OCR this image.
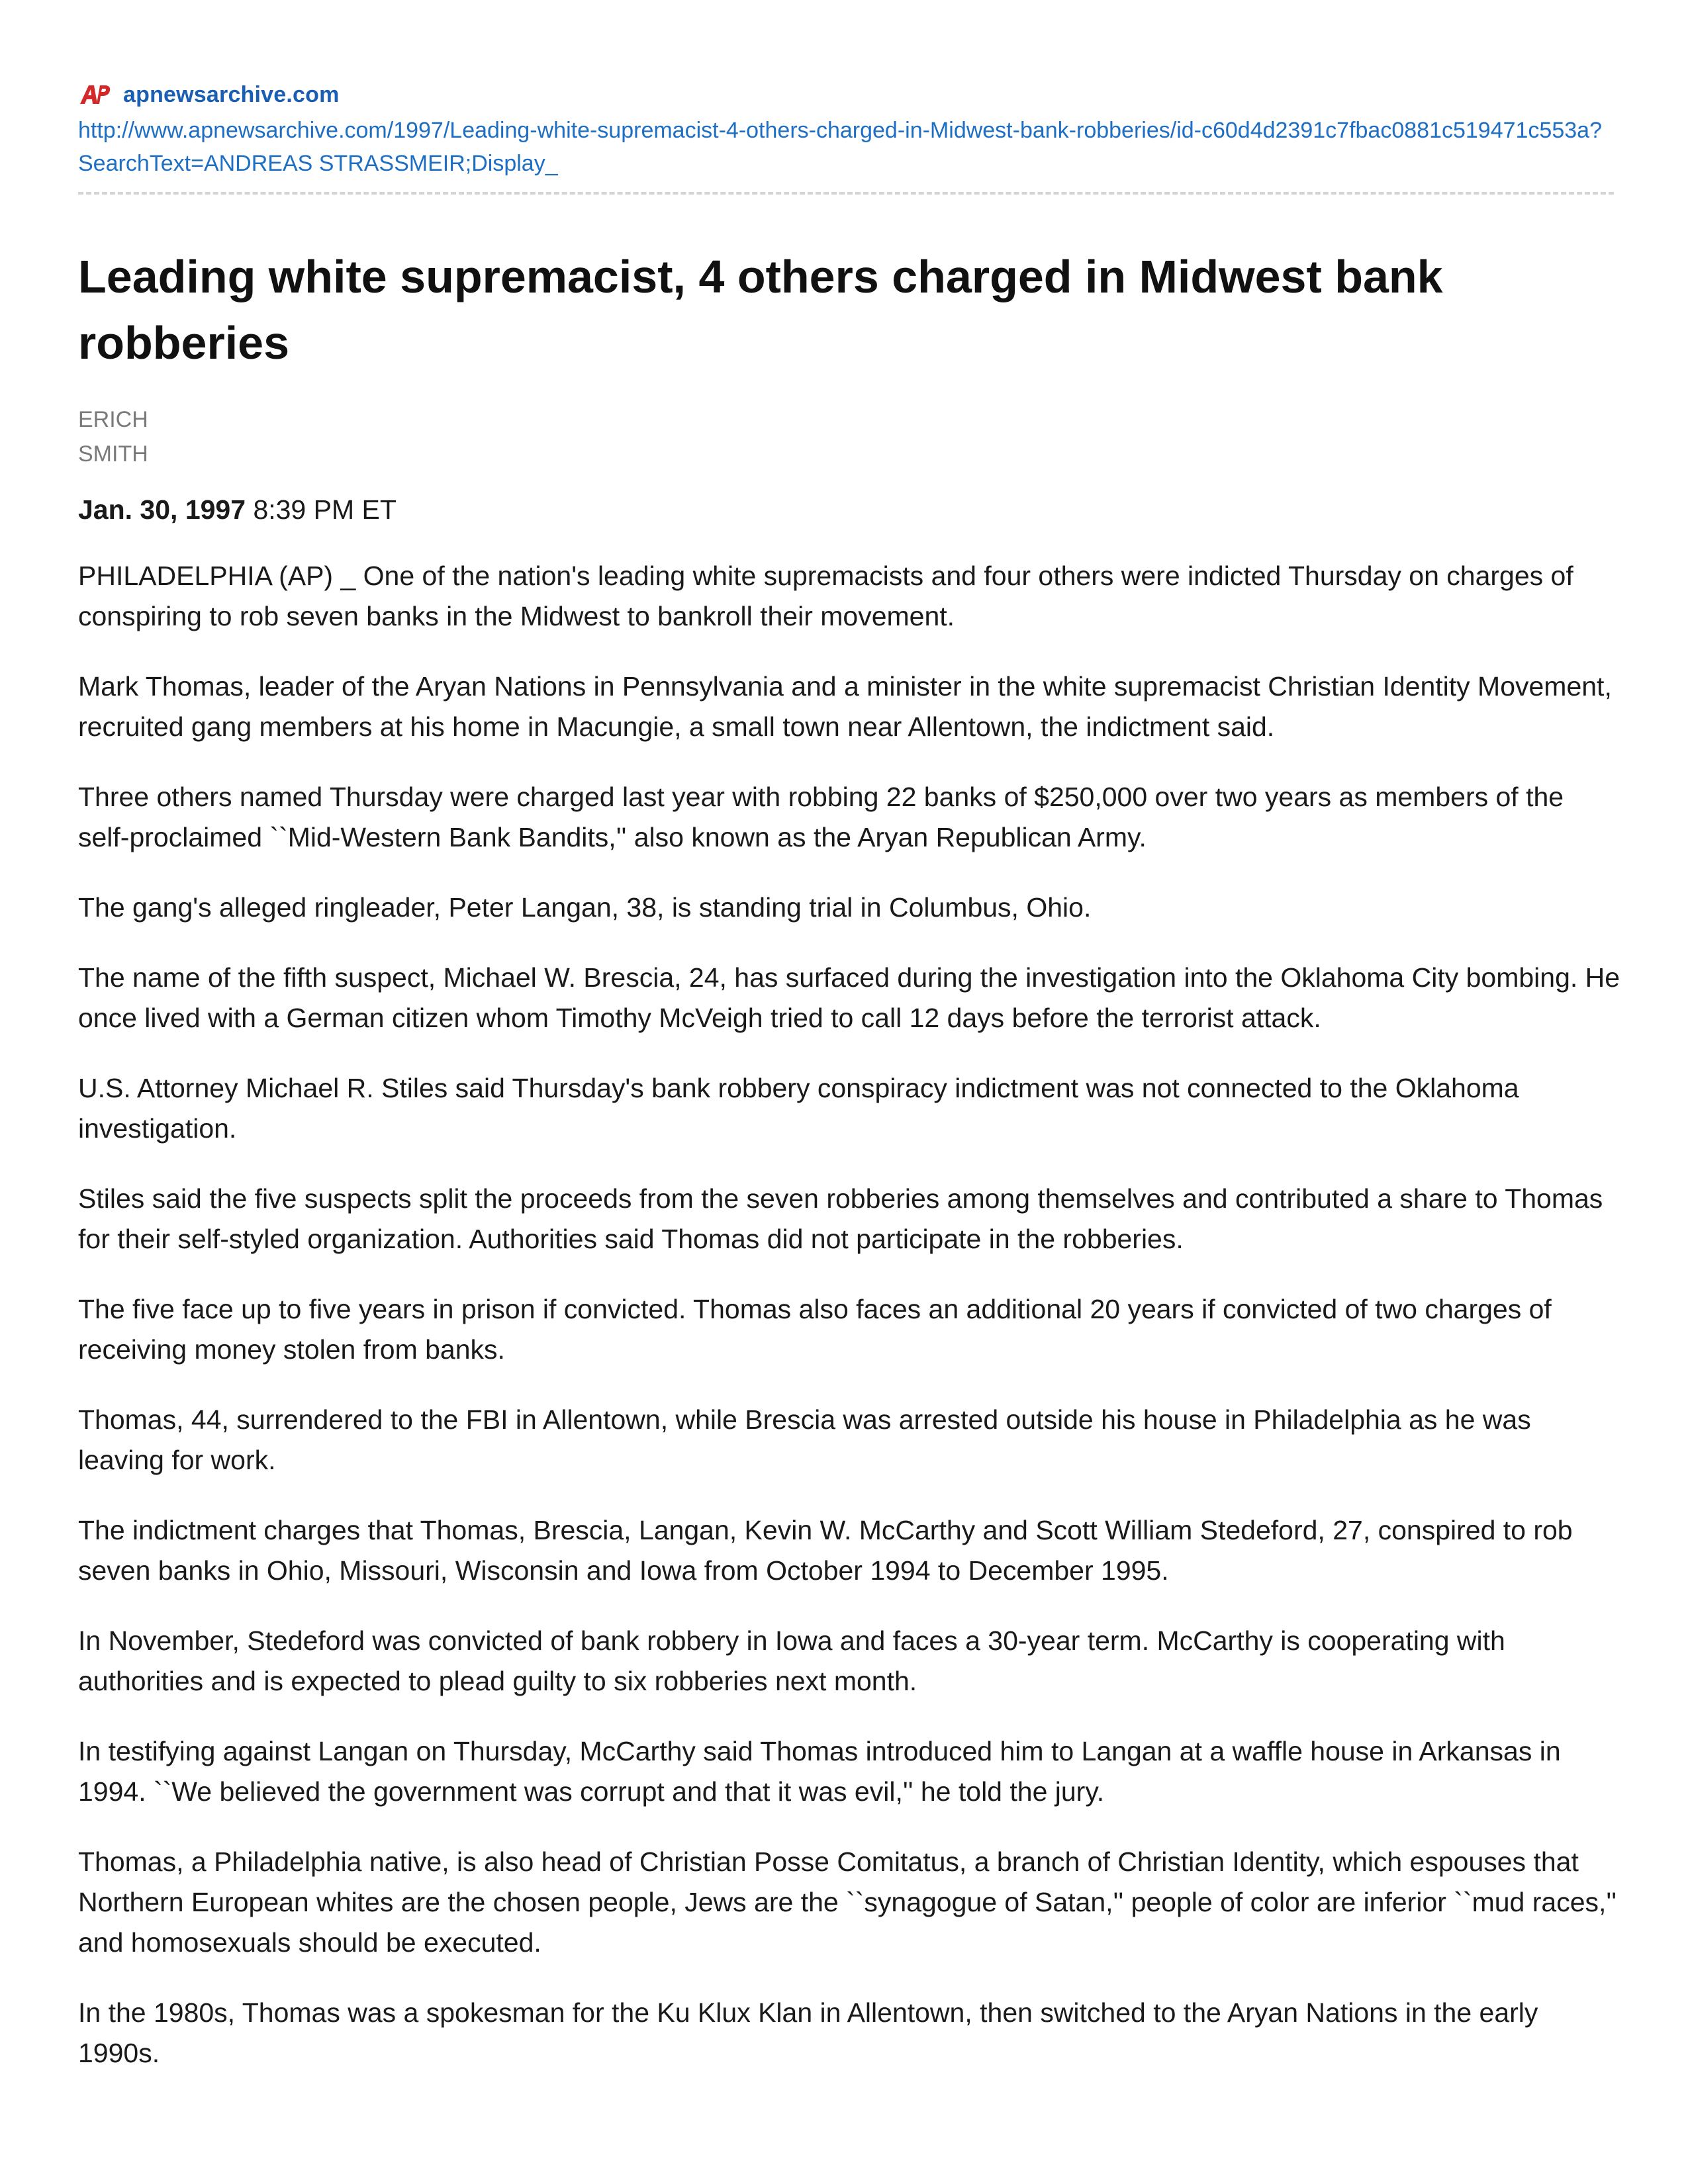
apnewsarchive.com
http://www.apnewsarchive.com/1997/Leading-white-supremacist-4-others-charged-in-Midwest-bank-robberies/id-c60d4d2391c7fbac0881c519471c553a?SearchText=ANDREAS STRASSMEIR;Display_
Leading white supremacist, 4 others charged in Midwest bank robberies
ERICH
SMITH
Jan. 30, 1997 8:39 PM ET

PHILADELPHIA (AP) _ One of the nation's leading white supremacists and four others were indicted Thursday on charges of conspiring to rob seven banks in the Midwest to bankroll their movement.

Mark Thomas, leader of the Aryan Nations in Pennsylvania and a minister in the white supremacist Christian Identity Movement, recruited gang members at his home in Macungie, a small town near Allentown, the indictment said.

Three others named Thursday were charged last year with robbing 22 banks of $250,000 over two years as members of the self-proclaimed ``Mid-Western Bank Bandits,'' also known as the Aryan Republican Army.

The gang's alleged ringleader, Peter Langan, 38, is standing trial in Columbus, Ohio.

The name of the fifth suspect, Michael W. Brescia, 24, has surfaced during the investigation into the Oklahoma City bombing. He once lived with a German citizen whom Timothy McVeigh tried to call 12 days before the terrorist attack.

U.S. Attorney Michael R. Stiles said Thursday's bank robbery conspiracy indictment was not connected to the Oklahoma investigation.

Stiles said the five suspects split the proceeds from the seven robberies among themselves and contributed a share to Thomas for their self-styled organization. Authorities said Thomas did not participate in the robberies.

The five face up to five years in prison if convicted. Thomas also faces an additional 20 years if convicted of two charges of receiving money stolen from banks.

Thomas, 44, surrendered to the FBI in Allentown, while Brescia was arrested outside his house in Philadelphia as he was leaving for work.

The indictment charges that Thomas, Brescia, Langan, Kevin W. McCarthy and Scott William Stedeford, 27, conspired to rob seven banks in Ohio, Missouri, Wisconsin and Iowa from October 1994 to December 1995.

In November, Stedeford was convicted of bank robbery in Iowa and faces a 30-year term. McCarthy is cooperating with authorities and is expected to plead guilty to six robberies next month.

In testifying against Langan on Thursday, McCarthy said Thomas introduced him to Langan at a waffle house in Arkansas in 1994. ``We believed the government was corrupt and that it was evil,'' he told the jury.

Thomas, a Philadelphia native, is also head of Christian Posse Comitatus, a branch of Christian Identity, which espouses that Northern European whites are the chosen people, Jews are the ``synagogue of Satan,'' people of color are inferior ``mud races,'' and homosexuals should be executed.

In the 1980s, Thomas was a spokesman for the Ku Klux Klan in Allentown, then switched to the Aryan Nations in the early 1990s.
